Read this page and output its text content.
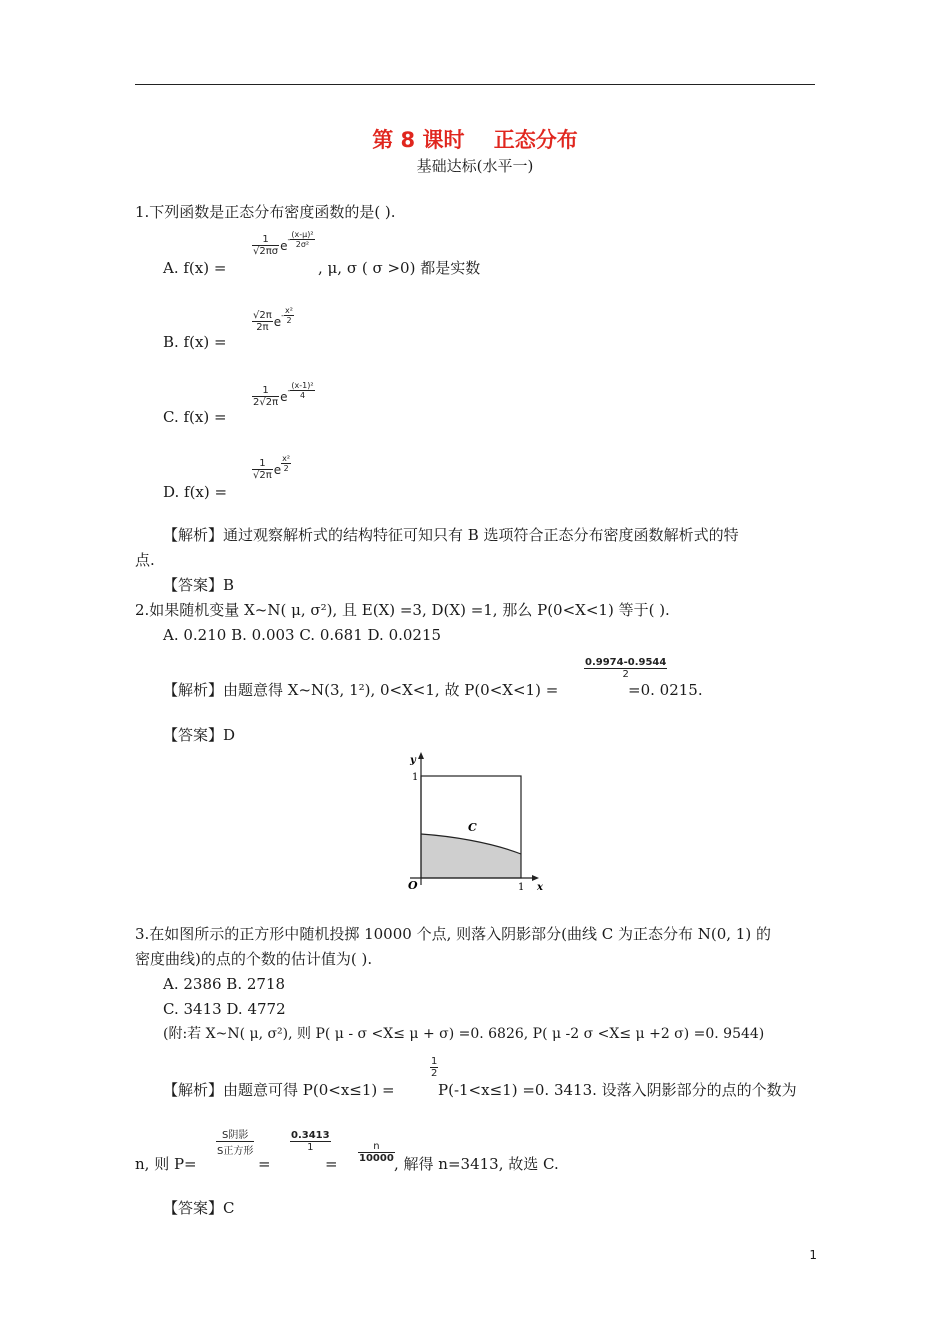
第 8 课时    正态分布
基础达标(水平一)
1.下列函数是正态分布密度函数的是( ).
A. f(x) =
$\frac{1}{√2\pi\sigma} e- \frac{\text{(x-μ)²}}{\text{2σ²}}$
, μ, σ ( σ >0) 都是实数
B. f(x) =
$\frac{√2\pi}{2\pi} e- \frac{\text{x²}}{2}$
C. f(x) =
$\frac{1}{2√2\pi} e- \frac{\text{(x-1)²}}{4}$
D. f(x) =
$\frac{1}{√2\pi}$ e $\frac{\text{x²}}{2}$
【解析】通过观察解析式的结构特征可知只有 B 选项符合正态分布密度函数解析式的特
点.
【答案】B
2.如果随机变量 X~N( μ, σ²), 且 E(X) =3, D(X) =1, 那么 P(0<X<1) 等于( ).
A. 0.210 B. 0.003 C. 0.681 D. 0.0215
【解析】由题意得 X~N(3, 1²), 0<X<1, 故 P(0<X<1) =
$\frac{0.9974-0.9544}{2}$
=0. 0215.
【答案】D
y
1
O	1 x
C
3.在如图所示的正方形中随机投掷 10000 个点, 则落入阴影部分(曲线 C 为正态分布 N(0, 1) 的
密度曲线)的点的个数的估计值为( ).
A. 2386 B. 2718
C. 3413 D. 4772
(附:若 X~N( μ, σ²), 则 P( μ - σ <X≤ μ + σ) =0. 6826, P( μ -2 σ <X≤ μ +2 σ) =0. 9544)
【解析】由题意可得 P(0<x≤1) =
$\frac{1}{2}$
P(-1<x≤1) =0. 3413. 设落入阴影部分的点的个数为
n, 则 P=
S阴影
S正方形
=
$\frac{0.3413}{1}$
= $\frac{n}{10000}$ , 解得 n=3413, 故选 C.
【答案】C
1
